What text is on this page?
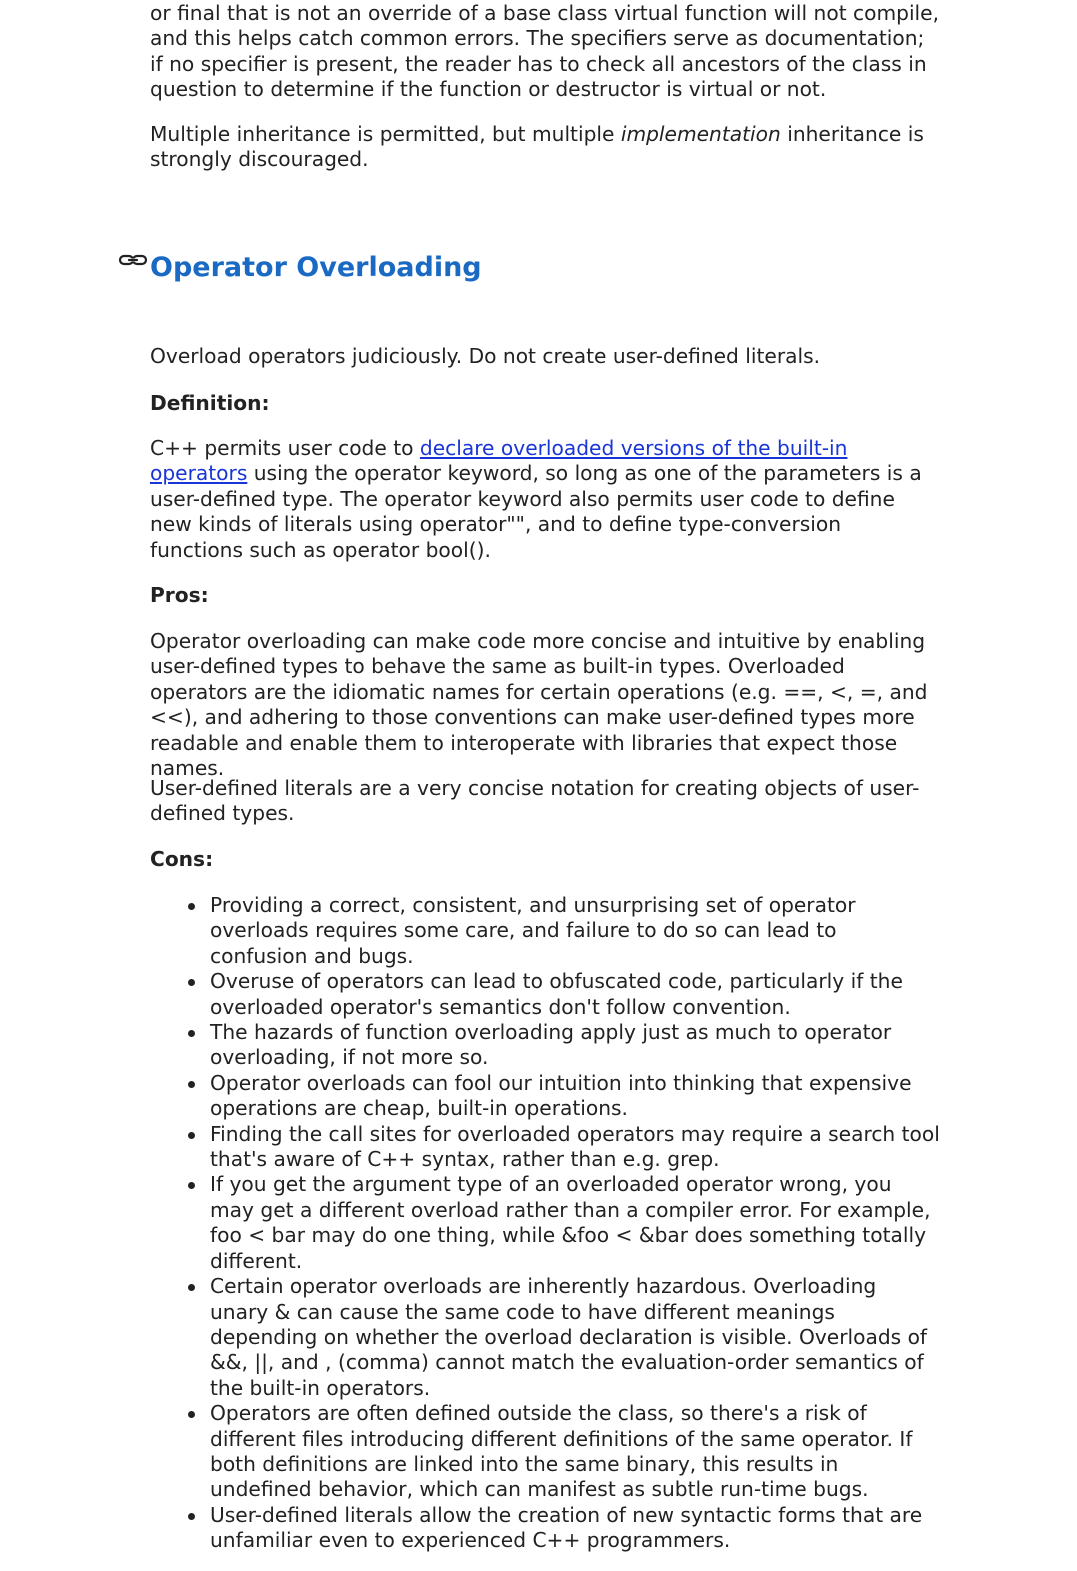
or final that is not an override of a base class virtual function will not compile, and this helps catch common errors. The specifiers serve as documentation; if no specifier is present, the reader has to check all ancestors of the class in question to determine if the function or destructor is virtual or not.

Multiple inheritance is permitted, but multiple implementation inheritance is strongly discouraged.

Operator Overloading

Overload operators judiciously. Do not create user-defined literals.

Definition:

C++ permits user code to declare overloaded versions of the built-in operators using the operator keyword, so long as one of the parameters is a user-defined type. The operator keyword also permits user code to define new kinds of literals using operator"", and to define type-conversion functions such as operator bool().

Pros:

Operator overloading can make code more concise and intuitive by enabling user-defined types to behave the same as built-in types. Overloaded operators are the idiomatic names for certain operations (e.g. ==, <, =, and <<), and adhering to those conventions can make user-defined types more readable and enable them to interoperate with libraries that expect those names.

User-defined literals are a very concise notation for creating objects of user-defined types.

Cons:

Providing a correct, consistent, and unsurprising set of operator overloads requires some care, and failure to do so can lead to confusion and bugs.
Overuse of operators can lead to obfuscated code, particularly if the overloaded operator's semantics don't follow convention.
The hazards of function overloading apply just as much to operator overloading, if not more so.
Operator overloads can fool our intuition into thinking that expensive operations are cheap, built-in operations.
Finding the call sites for overloaded operators may require a search tool that's aware of C++ syntax, rather than e.g. grep.
If you get the argument type of an overloaded operator wrong, you may get a different overload rather than a compiler error. For example, foo < bar may do one thing, while &foo < &bar does something totally different.
Certain operator overloads are inherently hazardous. Overloading unary & can cause the same code to have different meanings depending on whether the overload declaration is visible. Overloads of &&, ||, and , (comma) cannot match the evaluation-order semantics of the built-in operators.
Operators are often defined outside the class, so there's a risk of different files introducing different definitions of the same operator. If both definitions are linked into the same binary, this results in undefined behavior, which can manifest as subtle run-time bugs.
User-defined literals allow the creation of new syntactic forms that are unfamiliar even to experienced C++ programmers.
